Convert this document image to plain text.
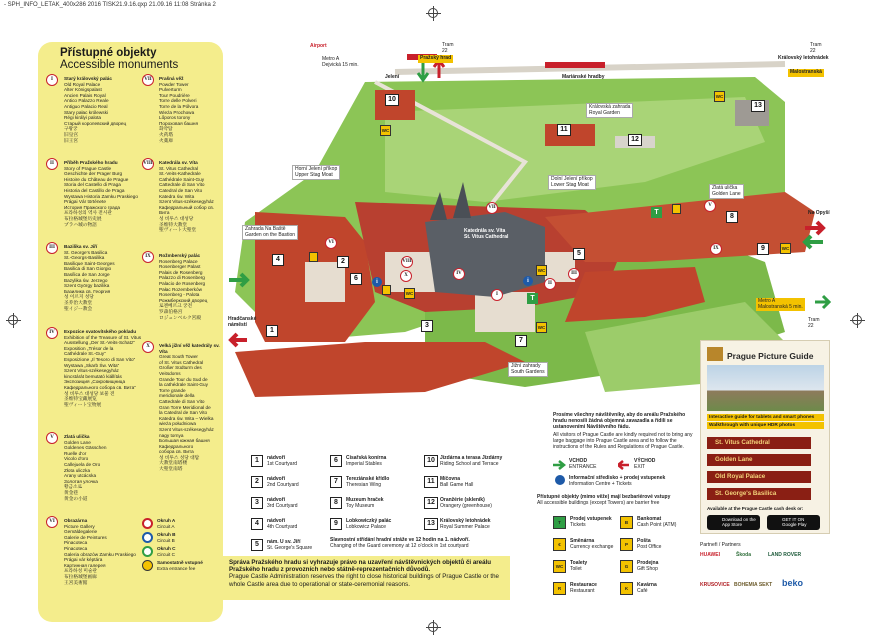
- SPH_INFO_LETAK_400x286 2016 TISK21.9.16.qxp 21.09.16 11:08 Stránka 2
Přístupné objekty
Accessible monuments
I	Starý královský palác
Old Royal Palace
Alter Königspalast
Ancien Palais Royal
Antico Palazzo Reale
Antiguo Palacio Real
Stary pałac królewski
Régi királyi palota
Старый королевский дворец
구왕궁
旧皇宫
旧王宮
II	Příběh Pražského hradu
Story of Prague Castle
Geschichte der Prager Burg
Histoire du Château de Prague
Storia del Castello di Praga
Historia del Castillo de Praga
Wystawa Historia Zamku Praskiego
Prágai Vár története
История Пражского града
프라하성의 역사 전시관
布拉格城堡历史展
プラハ城の物語
III	Bazilika sv. Jiří
St. George's Basilica
St.-Georgs-Basilika
Basilique Saint-Georges
Basilica di San Giorgio
Basílica de San Jorge
Bazylika św. Jerzego
Szent György bazilika
Базилика св. Георгия
성 이르지 성당
圣乔治大教堂
聖イジー教会
IV	Expozice svatovítského pokladu
Exhibition of the Treasure of St. Vitus
Ausstellung „Der St.-Veits-Schatz“
Exposition „Trésor de la
Cathédrale St.-Guy“
Esposizione „Il Tesoro di San Vito“
Wystawa „Skarb Św. Wita“
Szent Vitus-székesegyház
kincstárát bemutató kiállítás
Экспозиция „Сокровищница
Кафедрального собора св. Вита“
성 비투스 대성당 보물 전
圣维特宝藏展览
聖ヴィート宝物展
V	Zlatá ulička
Golden Lane
Goldenes Gässchen
Ruelle d'or
Vicolo d'oro
Callejuela de Oro
Złota uliczka
Arany utcácska
Золотая улочка
황금소로
黄金巷
黄金の小道
VI	Obrazárna
Picture Gallery
Gemäldegalerie
Galerie de Peintures
Pinacoteca
Pinacoteca
Galeria obrazów Zamku Praskiego
Prágai vár képtára
Картинная галерея
프라하성 미술관
布拉格城堡画廊
王宮美術館
VII	Prašná věž
Powder Tower
Pulverturm
Tour Poudrière
Torre delle Polveri
Torre de la Pólvora
Wieża Prochowa
Lőporos torony
Пороховая башня
화약탑
火药塔
火薬庫
VIII Katedrála sv. Víta
St. Vitus Cathedral
St.-Veits-Kathedrale
Cathédrale Saint-Guy
Cattedrale di San Vito
Catedral de San Vito
Katedra św. Wita
Szent Vitus-székesegyház
Кафедральный собор св. Вита
성 비투스 대성당
圣维特大教堂
聖ヴィート大聖堂
IX	Rožmberský palác
Rosenberg Palace
Rosenberger Palast
Palais de Rosenberg
Palazzo di Rosenberg
Palacio de Rosenberg
Pałac Rozemberków
Rosenberg - Palota
Рожмберкский дворец
로젠베르크 궁전
罗森伯格宫
ロジュンベルク宮殿
X	Velká jižní věž katedrály sv. Víta
Great South Tower
of St. Vitus Cathedral
Großer Südturm des
Veitsdoms
Grande Tour du Sud de
la cathédrale Saint-Guy
Torre grande
meridionale della
Cattedrale di San Vito
Gran Torre Meridional de
la Catedral de San Vito
Katedra św. Wita – Wielka
wieża południowa
Szent Vitus-székesegyház
nagy tornya
Большая южная башня
Кафедрального
собора св. Вита
성 비투스 성당 대탑
大教堂南塔楼
大聖堂南塔
Okruh A
Circuit A
Okruh B
Circuit B
Okruh C
Circuit C
Samostatně vstupné
Extra entrance fee
Airport
Metro A
Dejvická 15 min.
Tram
22
Pražský hrad
Tram
22
Královský letohrádek
Malostranská
Jelení	Mariánské hradby
Královská zahrada
Royal Garden
Horní Jelení příkop
Upper Stag Moat
Dolní Jelení příkop
Lower Stag Moat
Zlatá ulička
Golden Lane
Na Opyší
Zahrada Na Baště
Garden on the Bastion
Katedrála sv. Víta
St. Vitus Cathedral
Hradčanské
náměstí
Metro A
Malostranská 5 min.
Tram
22
Jižní zahrady
South Gardens
1
2
3
4
5
6
7
8
9
10
11
12
13
I
II
III
IV
V
VI
VII
VIII
IX
X
WC
WC
WC
WC
WC
WC
T
T
i	i
1	nádvoří
1st Courtyard
2	nádvoří
2nd Courtyard
3	nádvoří
3rd Courtyard
4	nádvoří
4th Courtyard
5	nám. U sv. Jiří
St. George's Square
6	Císařská konírna
Imperial Stables
7	Tereziánské křídlo
Theresian Wing
8	Muzeum hraček
Toy Museum
9	Lobkowiczký palác
Lobkowicz Palace
10	Jízdárna a terasa Jízdárny
Riding School and Terrace
11	Míčovna
Ball Game Hall
12	Oranžérie (skleník)
Orangery (greenhouse)
13	Královský letohrádek
Royal Summer Palace
Slavnostní střídání hradní stráže ve 12 hodin na 1. nádvoří.
Changing of the Guard ceremony at 12 o'clock in 1st courtyard
Správa Pražského hradu si vyhrazuje právo na uzavření návštěvnických objektů či areálu Pražského hradu z provozních nebo státně-reprezentačních důvodů.
Prague Castle Administration reserves the right to close historical buildings of Prague Castle or the whole Castle area due to operational or state-ceremonial reasons.
Prosíme všechny návštěvníky, aby do areálu Pražského hradu nenosili žádná objemná zavazadla a řídili se ustanoveními Návštěvního řádu.
All visitors of Prague Castle are kindly required not to bring any large baggage into Prague Castle area and to follow the instructions of the Rules and Regulations of Prague Castle.
VCHOD
ENTRANCE
VÝCHOD
EXIT
Informační středisko + prodej vstupenek
Information Centre + Tickets
Přístupné objekty (mimo věže) mají bezbariérové vstupy
All accessible buildings (except Towers) are barrier free
T
Prodej vstupenek
Tickets
€
Směnárna
Currency exchange
WC
Toalety
Toilet
R
Restaurace
Restaurant
B
Bankomat
Cash Point (ATM)
P
Pošta
Post Office
G
Prodejna
Gift Shop
K
Kavárna
Café
Prague Picture Guide
Interactive guide for tablets and smart phones
Walkthrough with unique HDR photos
St. Vitus Cathedral
Golden Lane
Old Royal Palace
St. George's Basilica
Available at the Prague Castle cash desk or:
Download on the
App Store
GET IT ON
Google Play
Partneři / Partners
HUAWEI	Škoda	LAND ROVER
KRUSOVICE BOHEMIA SEKT beko
